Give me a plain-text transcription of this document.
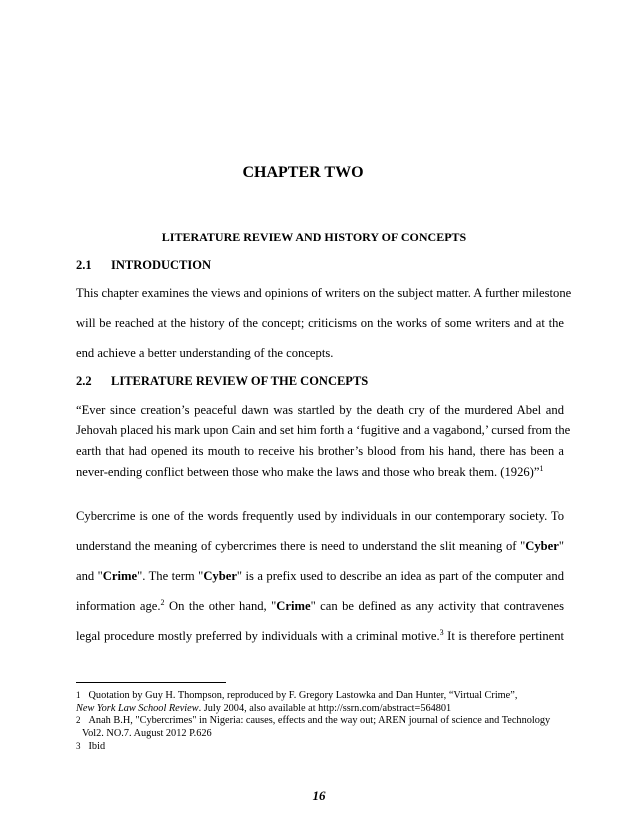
CHAPTER TWO
LITERATURE REVIEW AND HISTORY OF CONCEPTS
2.1 INTRODUCTION
This chapter examines the views and opinions of writers on the subject matter. A further milestone
will be reached at the history of the concept; criticisms on the works of some writers and at the
end achieve a better understanding of the concepts.
2.2 LITERATURE REVIEW OF THE CONCEPTS
“Ever since creation’s peaceful dawn was startled by the death cry of the murdered Abel and
Jehovah placed his mark upon Cain and set him forth a ‘fugitive and a vagabond,’ cursed from the
earth that had opened its mouth to receive his brother’s blood from his hand, there has been a
never-ending conflict between those who make the laws and those who break them. (1926)”$^1$
Cybercrime is one of the words frequently used by individuals in our contemporary society. To
understand the meaning of cybercrimes there is need to understand the slit meaning of "Cyber"
and "Crime". The term "Cyber" is a prefix used to describe an idea as part of the computer and
information age.$^2$ On the other hand, "Crime" can be defined as any activity that contravenes
legal procedure mostly preferred by individuals with a criminal motive.$^3$ It is therefore pertinent
1 Quotation by Guy H. Thompson, reproduced by F. Gregory Lastowka and Dan Hunter, “Virtual Crime”,
New York Law School Review. July 2004, also available at http://ssrn.com/abstract=564801
2 Anah B.H, "Cybercrimes" in Nigeria: causes, effects and the way out; AREN journal of science and Technology
Vol2. NO.7. August 2012 P.626
3 Ibid
16
